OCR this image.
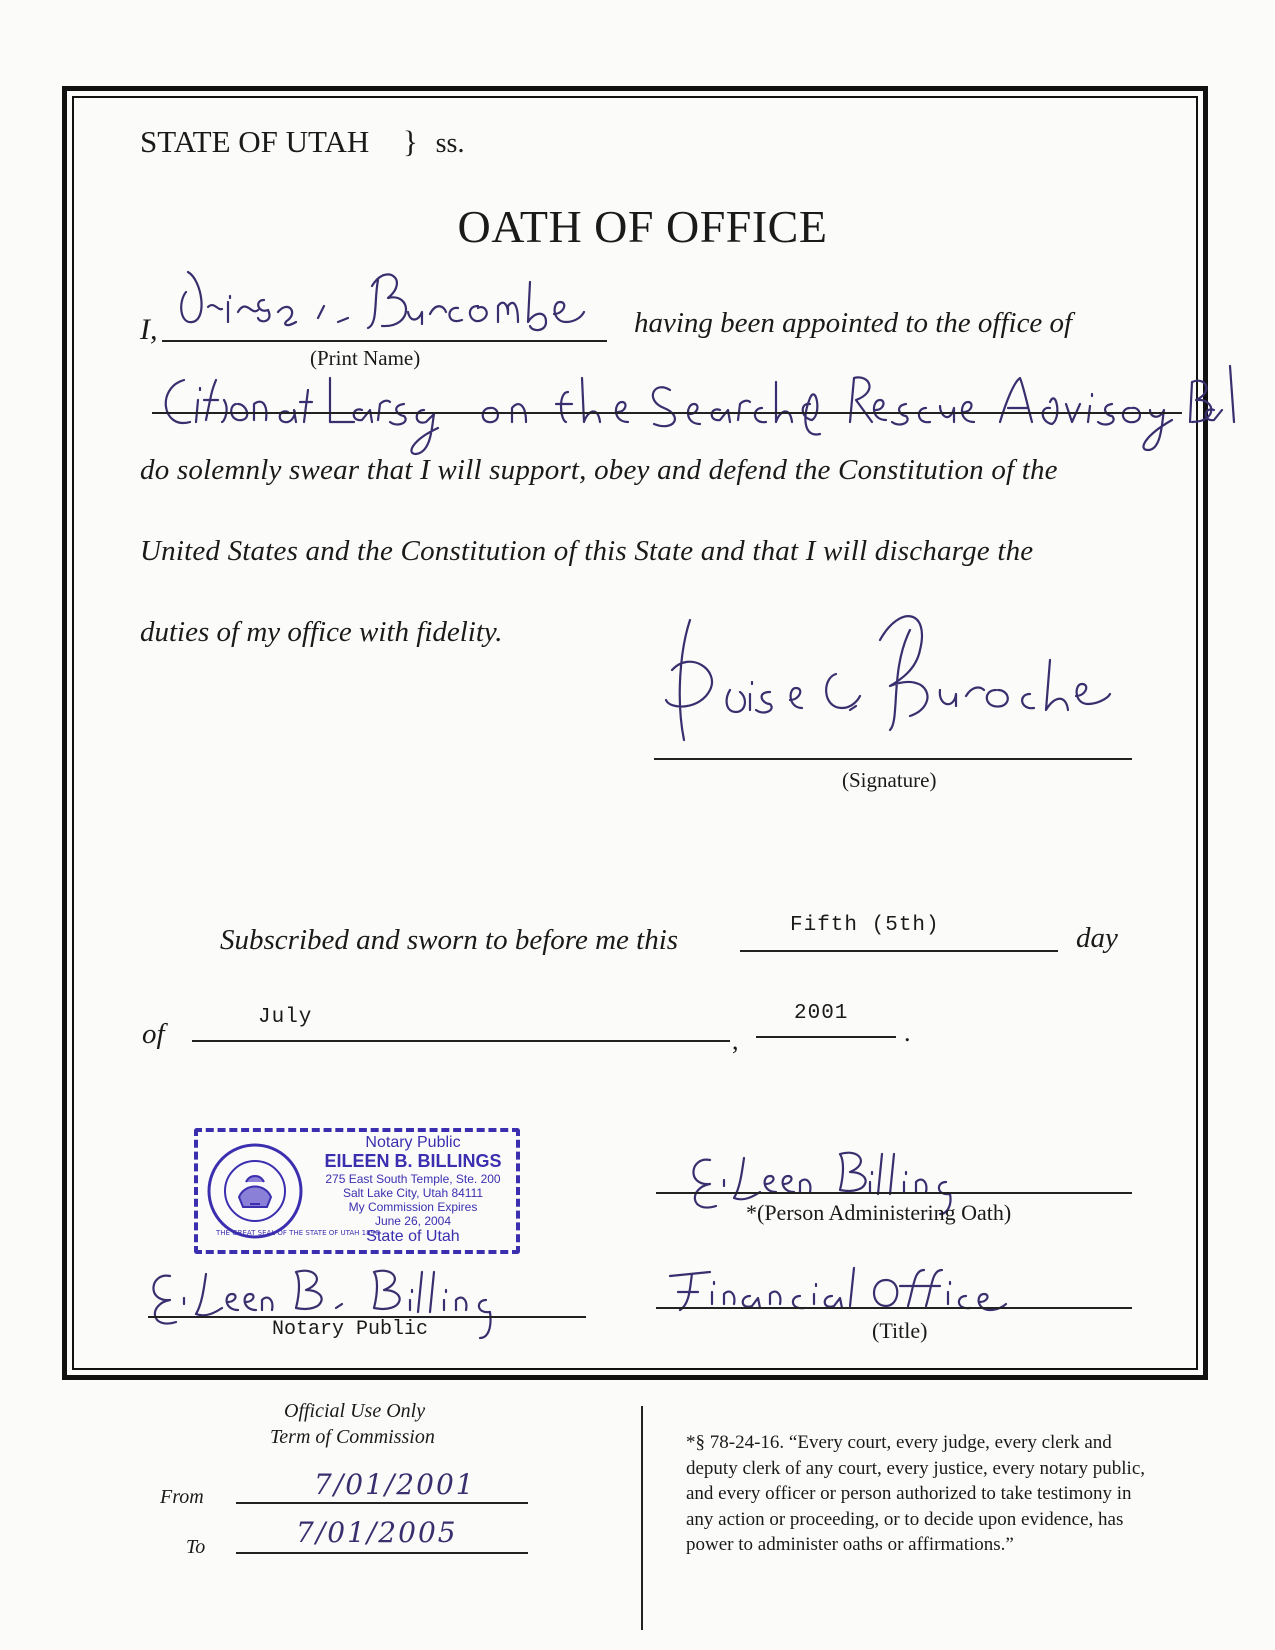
STATE OF UTAH } ss.
OATH OF OFFICE
I,
(Print Name)
having been appointed to the office of
do solemnly swear that I will support, obey and defend the Constitution of the
United States and the Constitution of this State and that I will discharge the
duties of my office with fidelity.
(Signature)
Subscribed and sworn to before me this	Fifth (5th)	day
of
July
,
2001
.
THE GREAT SEAL OF THE STATE OF UTAH 1896
Notary Public
EILEEN B. BILLINGS
275 East South Temple, Ste. 200
Salt Lake City, Utah 84111
My Commission Expires
June 26, 2004
State of Utah
*(Person Administering Oath)
Notary Public	(Title)
Official Use Only
Term of Commission
From	7/01/2001
To	7/01/2005
*§ 78-24-16. “Every court, every judge, every clerk and
deputy clerk of any court, every justice, every notary public,
and every officer or person authorized to take testimony in
any action or proceeding, or to decide upon evidence, has
power to administer oaths or affirmations.”
